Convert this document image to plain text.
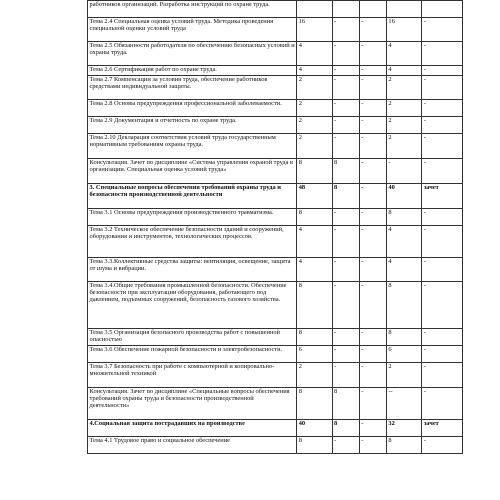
работников организаций. Разработка инструкций по охране труда.					
Тема 2.4 Специальная оценка условий труда. Методика проведения специальной оценки условий труда	16	-	-	16	-
Тема 2.5 Обязанности работодателя по обеспечению безопасных условий и охраны труда.	4	-	-	4	-
Тема 2.6 Сертификация работ по охране труда.	4	-	-	4	-
Тема 2.7 Компенсации за условия труда, обеспечение работников средствами индивидуальной защиты.	2	-	-	2	-
Тема 2.8 Основы предупреждения профессиональной заболеваемости.	2	-	-	2	-
Тема 2.9 Документация и отчетность по охране труда.	2	-	-	2	-
Тема 2.10 Декларация соответствия условий труда государственным нормативным требованиям охраны труда.	2	-	-	2	-
Консультация. Зачет по дисциплине «Система управления охраной труда в организации. Специальная оценка условий труда»	8	8	-	-	-
3. Специальные вопросы обеспечения требований охраны труда и безопасности производственной деятельности	48	8	-	40	зачет
Тема 3.1 Основы предупреждения производственного травматизма.	8	-	-	8	-
Тема 3.2 Техническое обеспечение безопасности зданий и сооружений, оборудования и инструментов, технологических процессов.	4	-	-	4	-
Тема 3.3.Коллективные средства защиты: вентиляция, освещение, защита от шума и вибрации.	4	-	-	4	-
Тема 3.4.Общие требования промышленной безопасности. Обеспечение безопасности при эксплуатации оборудования, работающего под давлением, подъемных сооружений, безопасность газового хозяйства.	8	-	-	8	-
Тема 3.5 Организация безопасного производства работ с повышенной опасностью	8	-	-	8	-
Тема 3.6 Обеспечение пожарной безопасности и электробезопасности.	6	-	-	6	-
Тема 3.7 Безопасность при работе с компьютерной и копировально-множительной техникой	2	-	-	2	-
Консультация. Зачет по дисциплине «Специальные вопросы обеспечения требований охраны труда и безопасности производственной деятельности»	8	8	-	--	-
4.Социальная защита пострадавших на производстве	40	8	-	32	зачет
Тема 4.1 Трудовое право и социальное обеспечение	8	-	-	8	-
